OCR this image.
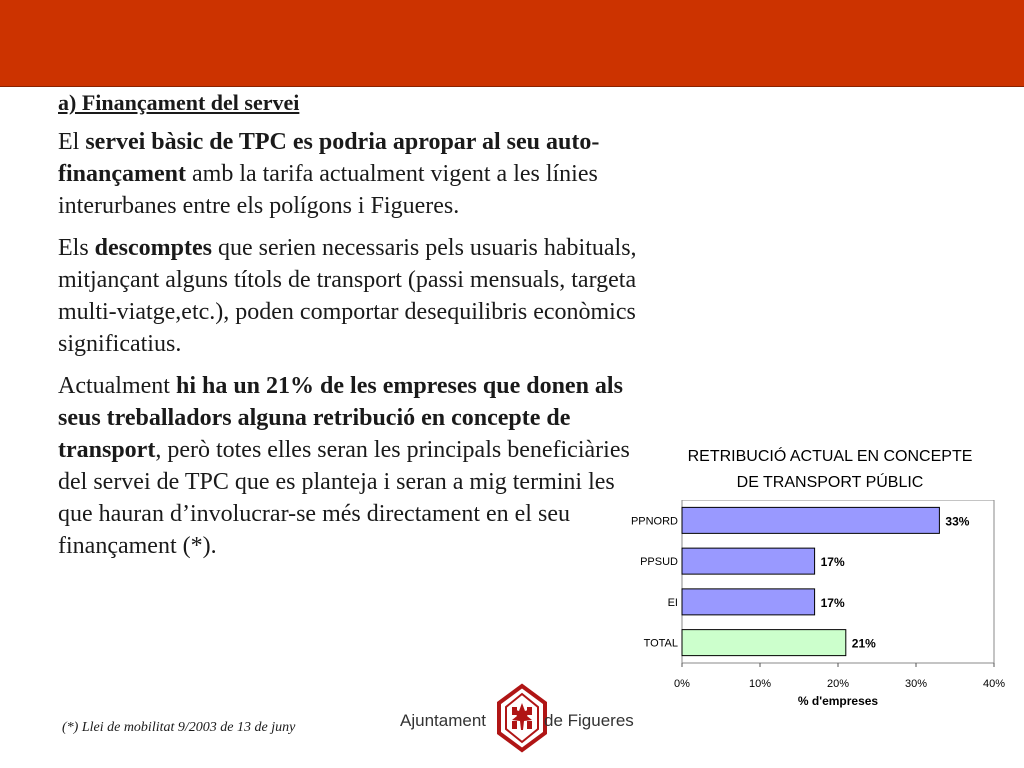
a) Finançament del servei

El servei bàsic de TPC es podria apropar al seu auto-finançament amb la tarifa actualment vigent a les línies interurbanes entre els polígons i Figueres.

Els descomptes que serien necessaris pels usuaris habituals, mitjançant alguns títols de transport (passi mensuals, targeta multi-viatge,etc.), poden comportar desequilibris econòmics significatius.

Actualment hi ha un 21% de les empreses que donen als seus treballadors alguna retribució en concepte de transport, però totes elles seran les principals beneficiàries del servei de TPC que es planteja i seran a mig termini les que hauran d’involucrar-se més directament en el seu finançament (*).

(*) Llei de mobilitat 9/2003 de 13 de juny
RETRIBUCIÓ ACTUAL EN CONCEPTE
DE TRANSPORT PÚBLIC
PPNORD	33%
PPSUD	17%
EI	17%
TOTAL	21%
0%	10%	20%	30%	40%
% d'empreses
Ajuntament	de Figueres
